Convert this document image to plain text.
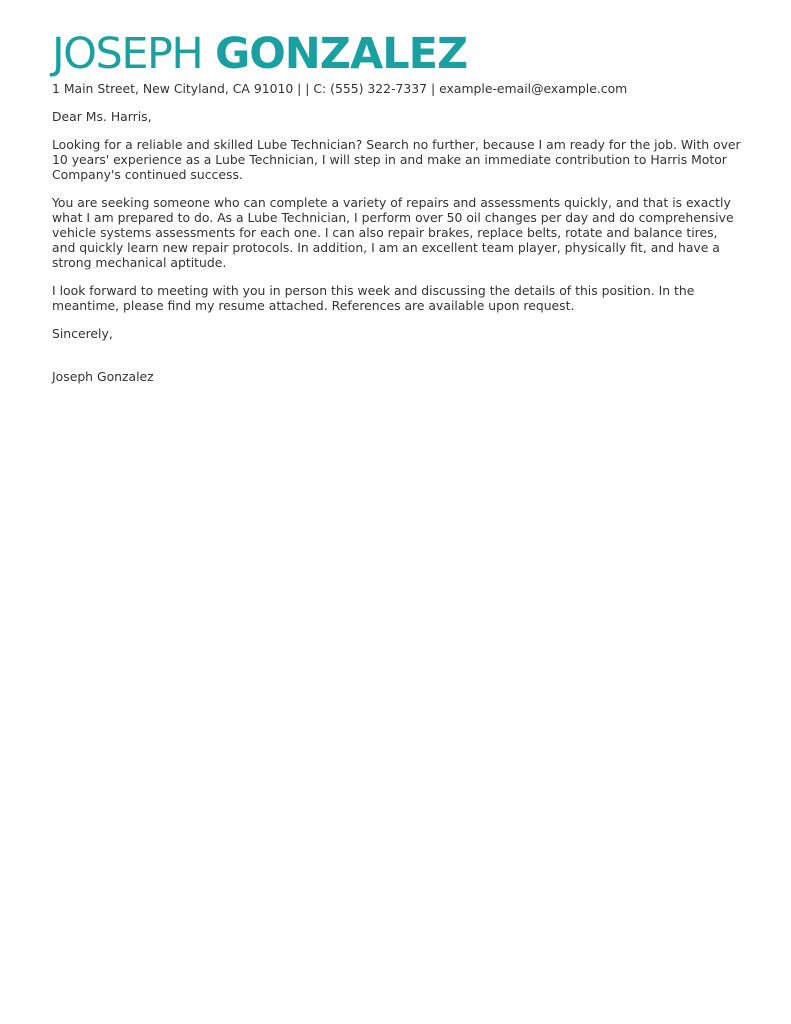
JOSEPH GONZALEZ
1 Main Street, New Cityland, CA 91010 | | C: (555) 322-7337 | example-email@example.com

Dear Ms. Harris,

Looking for a reliable and skilled Lube Technician? Search no further, because I am ready for the job. With over 10 years' experience as a Lube Technician, I will step in and make an immediate contribution to Harris Motor Company's continued success.

You are seeking someone who can complete a variety of repairs and assessments quickly, and that is exactly what I am prepared to do. As a Lube Technician, I perform over 50 oil changes per day and do comprehensive vehicle systems assessments for each one. I can also repair brakes, replace belts, rotate and balance tires, and quickly learn new repair protocols. In addition, I am an excellent team player, physically fit, and have a strong mechanical aptitude.

I look forward to meeting with you in person this week and discussing the details of this position. In the meantime, please find my resume attached. References are available upon request.

Sincerely,

Joseph Gonzalez
